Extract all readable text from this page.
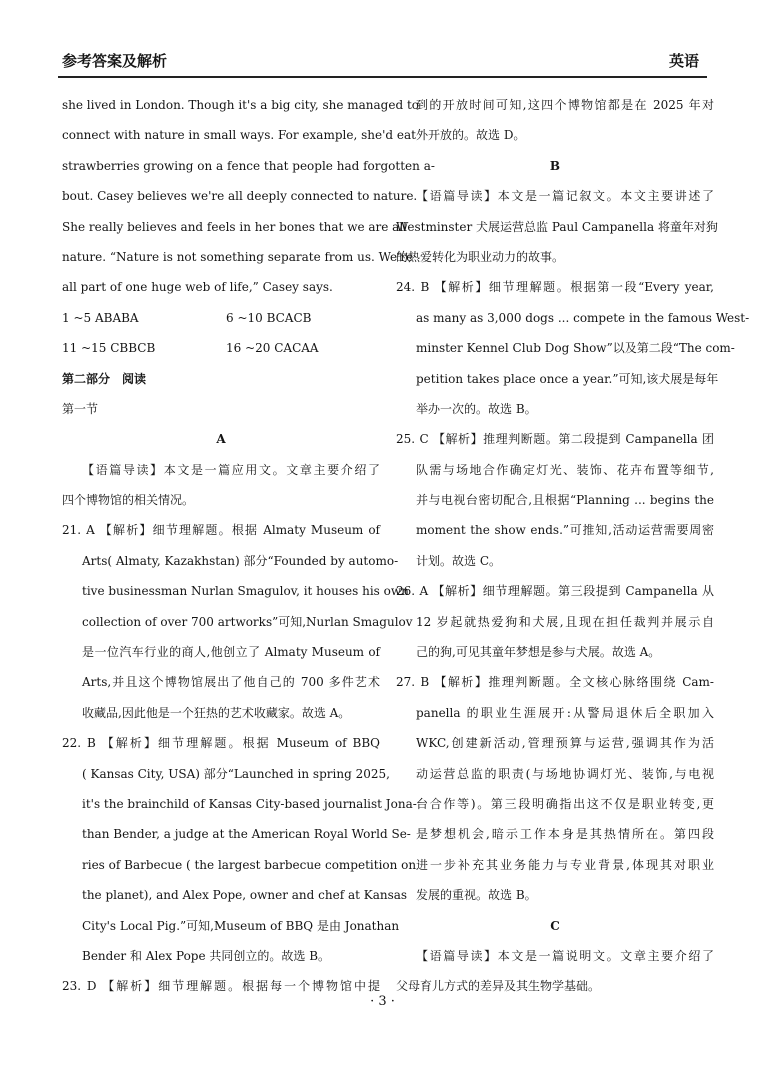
参考答案及解析	英语
she lived in London. Though it's a big city, she managed to
connect with nature in small ways. For example, she'd eat
strawberries growing on a fence that people had forgotten a-
bout. Casey believes we're all deeply connected to nature.
She really believes and feels in her bones that we are all
nature. “Nature is not something separate from us. We're
all part of one huge web of life,” Casey says.
1 ~5 ABABA	6 ~10 BCACB
11 ~15 CBBCB	16 ~20 CACAA
第二部分　阅读
第一节
A
【语篇导读】本文是一篇应用文。文章主要介绍了
四个博物馆的相关情况。
21. A 【解析】细节理解题。根据 Almaty Museum of
Arts( Almaty, Kazakhstan) 部分“Founded by automo-
tive businessman Nurlan Smagulov, it houses his own
collection of over 700 artworks”可知,Nurlan Smagulov
是一位汽车行业的商人,他创立了 Almaty Museum of
Arts,并且这个博物馆展出了他自己的 700 多件艺术
收藏品,因此他是一个狂热的艺术收藏家。故选 A。
22. B 【解析】细节理解题。根据 Museum of BBQ
( Kansas City, USA) 部分“Launched in spring 2025,
it's the brainchild of Kansas City-based journalist Jona-
than Bender, a judge at the American Royal World Se-
ries of Barbecue ( the largest barbecue competition on
the planet), and Alex Pope, owner and chef at Kansas
City's Local Pig.”可知,Museum of BBQ 是由 Jonathan
Bender 和 Alex Pope 共同创立的。故选 B。
23. D 【解析】细节理解题。根据每一个博物馆中提
到的开放时间可知,这四个博物馆都是在 2025 年对
外开放的。故选 D。
B
【语篇导读】本文是一篇记叙文。本文主要讲述了
Westminster 犬展运营总监 Paul Campanella 将童年对狗
的热爱转化为职业动力的故事。
24. B 【解析】细节理解题。根据第一段“Every year,
as many as 3,000 dogs ... compete in the famous West-
minster Kennel Club Dog Show”以及第二段“The com-
petition takes place once a year.”可知,该犬展是每年
举办一次的。故选 B。
25. C 【解析】推理判断题。第二段提到 Campanella 团
队需与场地合作确定灯光、装饰、花卉布置等细节,
并与电视台密切配合,且根据“Planning ... begins the
moment the show ends.”可推知,活动运营需要周密
计划。故选 C。
26. A 【解析】细节理解题。第三段提到 Campanella 从
12 岁起就热爱狗和犬展,且现在担任裁判并展示自
己的狗,可见其童年梦想是参与犬展。故选 A。
27. B 【解析】推理判断题。全文核心脉络围绕 Cam-
panella 的职业生涯展开:从警局退休后全职加入
WKC,创建新活动,管理预算与运营,强调其作为活
动运营总监的职责(与场地协调灯光、装饰,与电视
台合作等)。第三段明确指出这不仅是职业转变,更
是梦想机会,暗示工作本身是其热情所在。第四段
进一步补充其业务能力与专业背景,体现其对职业
发展的重视。故选 B。
C
【语篇导读】本文是一篇说明文。文章主要介绍了
父母育儿方式的差异及其生物学基础。
· 3 ·
